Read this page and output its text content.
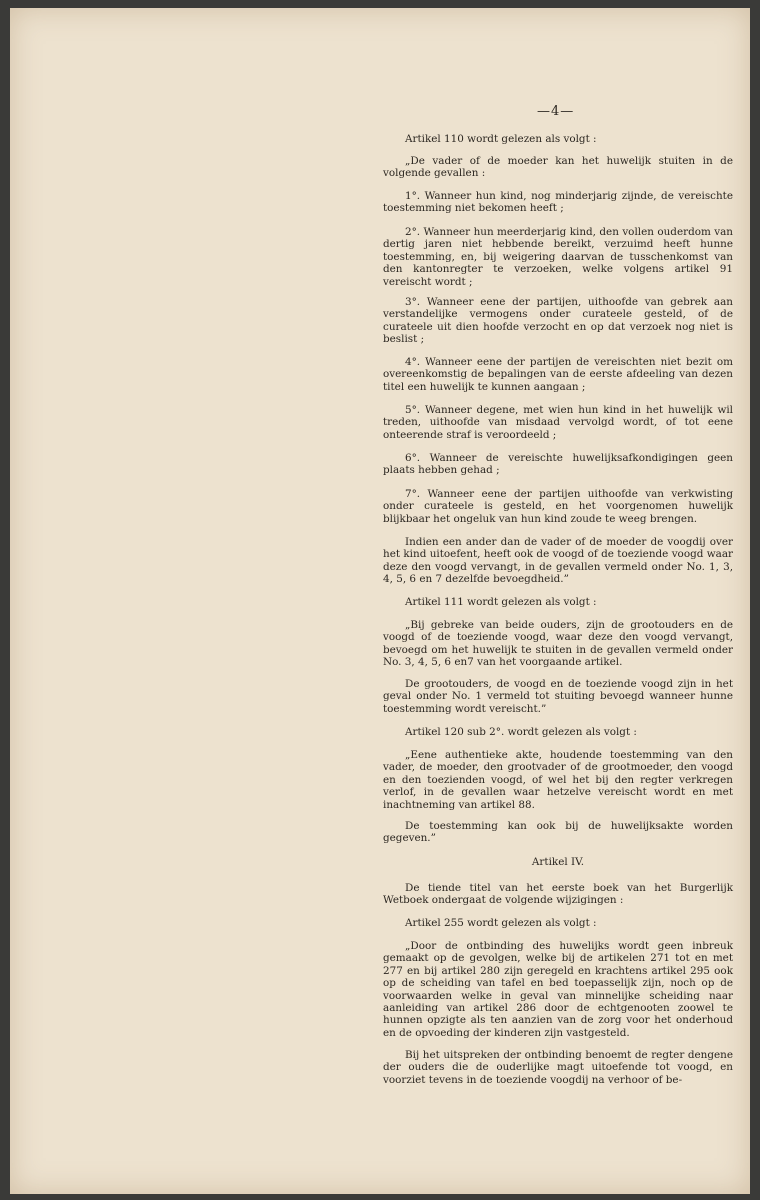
—4—

Artikel 110 wordt gelezen als volgt :

„De vader of de moeder kan het huwelijk stuiten in de volgende gevallen :

1°. Wanneer hun kind, nog minderjarig zijnde, de vereischte toestemming niet bekomen heeft ;

2°. Wanneer hun meerderjarig kind, den vollen ouderdom van dertig jaren niet hebbende bereikt, verzuimd heeft hunne toestemming, en, bij weigering daarvan de tusschenkomst van den kantonregter te verzoeken, welke volgens artikel 91 vereischt wordt ;

3°. Wanneer eene der partijen, uithoofde van gebrek aan verstandelijke vermogens onder curateele gesteld, of de curateele uit dien hoofde verzocht en op dat verzoek nog niet is beslist ;

4°. Wanneer eene der partijen de vereischten niet bezit om overeenkomstig de bepalingen van de eerste afdeeling van dezen titel een huwelijk te kunnen aangaan ;

5°. Wanneer degene, met wien hun kind in het huwelijk wil treden, uithoofde van misdaad vervolgd wordt, of tot eene onteerende straf is veroordeeld ;

6°. Wanneer de vereischte huwelijksafkondigingen geen plaats hebben gehad ;

7°. Wanneer eene der partijen uithoofde van verkwisting onder curateele is gesteld, en het voorgenomen huwelijk blijkbaar het ongeluk van hun kind zoude te weeg brengen.

Indien een ander dan de vader of de moeder de voogdij over het kind uitoefent, heeft ook de voogd of de toeziende voogd waar deze den voogd vervangt, in de gevallen vermeld onder No. 1, 3, 4, 5, 6 en 7 dezelfde bevoegdheid.”

Artikel 111 wordt gelezen als volgt :

„Bij gebreke van beide ouders, zijn de grootouders en de voogd of de toeziende voogd, waar deze den voogd vervangt, bevoegd om het huwelijk te stuiten in de gevallen vermeld onder No. 3, 4, 5, 6 en7 van het voorgaande artikel.

De grootouders, de voogd en de toeziende voogd zijn in het geval onder No. 1 vermeld tot stuiting bevoegd wanneer hunne toestemming wordt vereischt.”

Artikel 120 sub 2°. wordt gelezen als volgt :

„Eene authentieke akte, houdende toestemming van den vader, de moeder, den grootvader of de grootmoeder, den voogd en den toezienden voogd, of wel het bij den regter verkregen verlof, in de gevallen waar hetzelve vereischt wordt en met inachtneming van artikel 88.

De toestemming kan ook bij de huwelijksakte worden gegeven.”

Artikel IV.

De tiende titel van het eerste boek van het Burgerlijk Wetboek ondergaat de volgende wijzigingen :

Artikel 255 wordt gelezen als volgt :

„Door de ontbinding des huwelijks wordt geen inbreuk gemaakt op de gevolgen, welke bij de artikelen 271 tot en met 277 en bij artikel 280 zijn geregeld en krachtens artikel 295 ook op de scheiding van tafel en bed toepasselijk zijn, noch op de voorwaarden welke in geval van minnelijke scheiding naar aanleiding van artikel 286 door de echtgenooten zoowel te hunnen opzigte als ten aanzien van de zorg voor het onderhoud en de opvoeding der kinderen zijn vastgesteld.

Bij het uitspreken der ontbinding benoemt de regter dengene der ouders die de ouderlijke magt uitoefende tot voogd, en voorziet tevens in de toeziende voogdij na verhoor of be-
